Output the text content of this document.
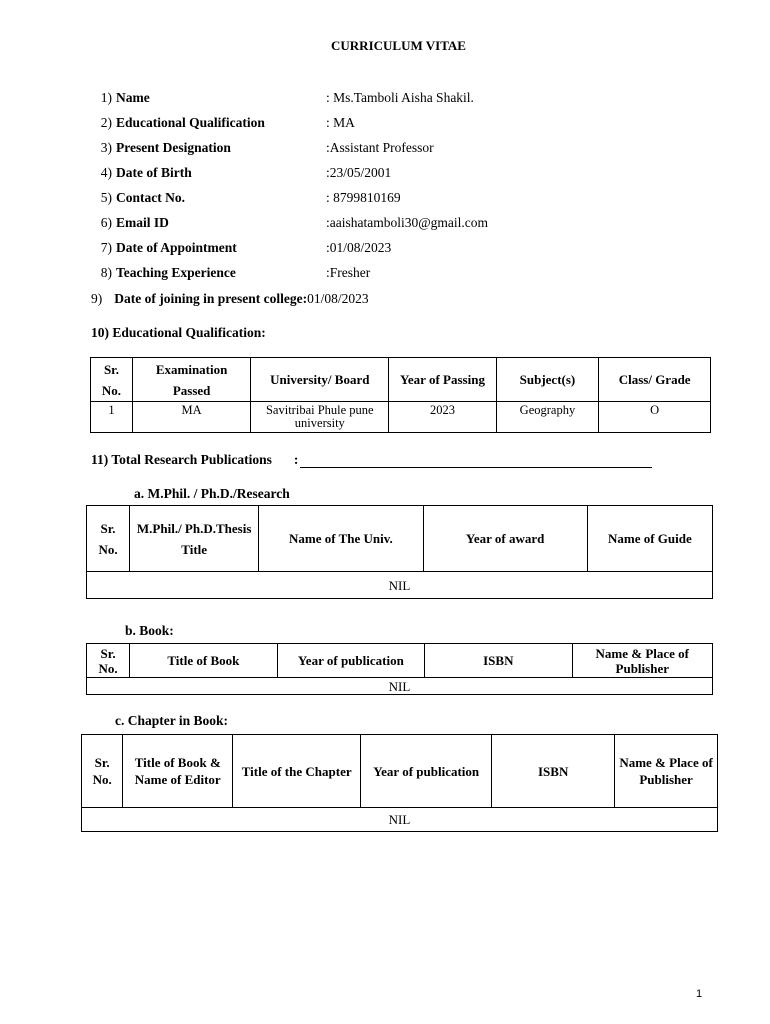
CURRICULUM VITAE
1) Name	: Ms.Tamboli Aisha Shakil.
2) Educational Qualification	: MA
3) Present Designation	:Assistant Professor
4) Date of Birth	:23/05/2001
5) Contact No.	: 8799810169
6) Email ID	:aaishatamboli30@gmail.com
7) Date of Appointment	:01/08/2023
8) Teaching Experience	:Fresher
9) Date of joining in present college:01/08/2023
10) Educational Qualification:
Sr. No.	Examination Passed	University/ Board	Year of Passing	Subject(s)	Class/ Grade
1	MA	Savitribai Phule pune university	2023	Geography	O
11) Total Research Publications :
a. M.Phil. / Ph.D./Research
Sr. No.	M.Phil./ Ph.D.Thesis Title	Name of The Univ.	Year of award	Name of Guide
NIL
b. Book:
Sr. No.	Title of Book	Year of publication	ISBN	Name & Place of Publisher
NIL
c. Chapter in Book:
Sr. No.	Title of Book & Name of Editor	Title of the Chapter	Year of publication	ISBN	Name & Place of Publisher
NIL
1
